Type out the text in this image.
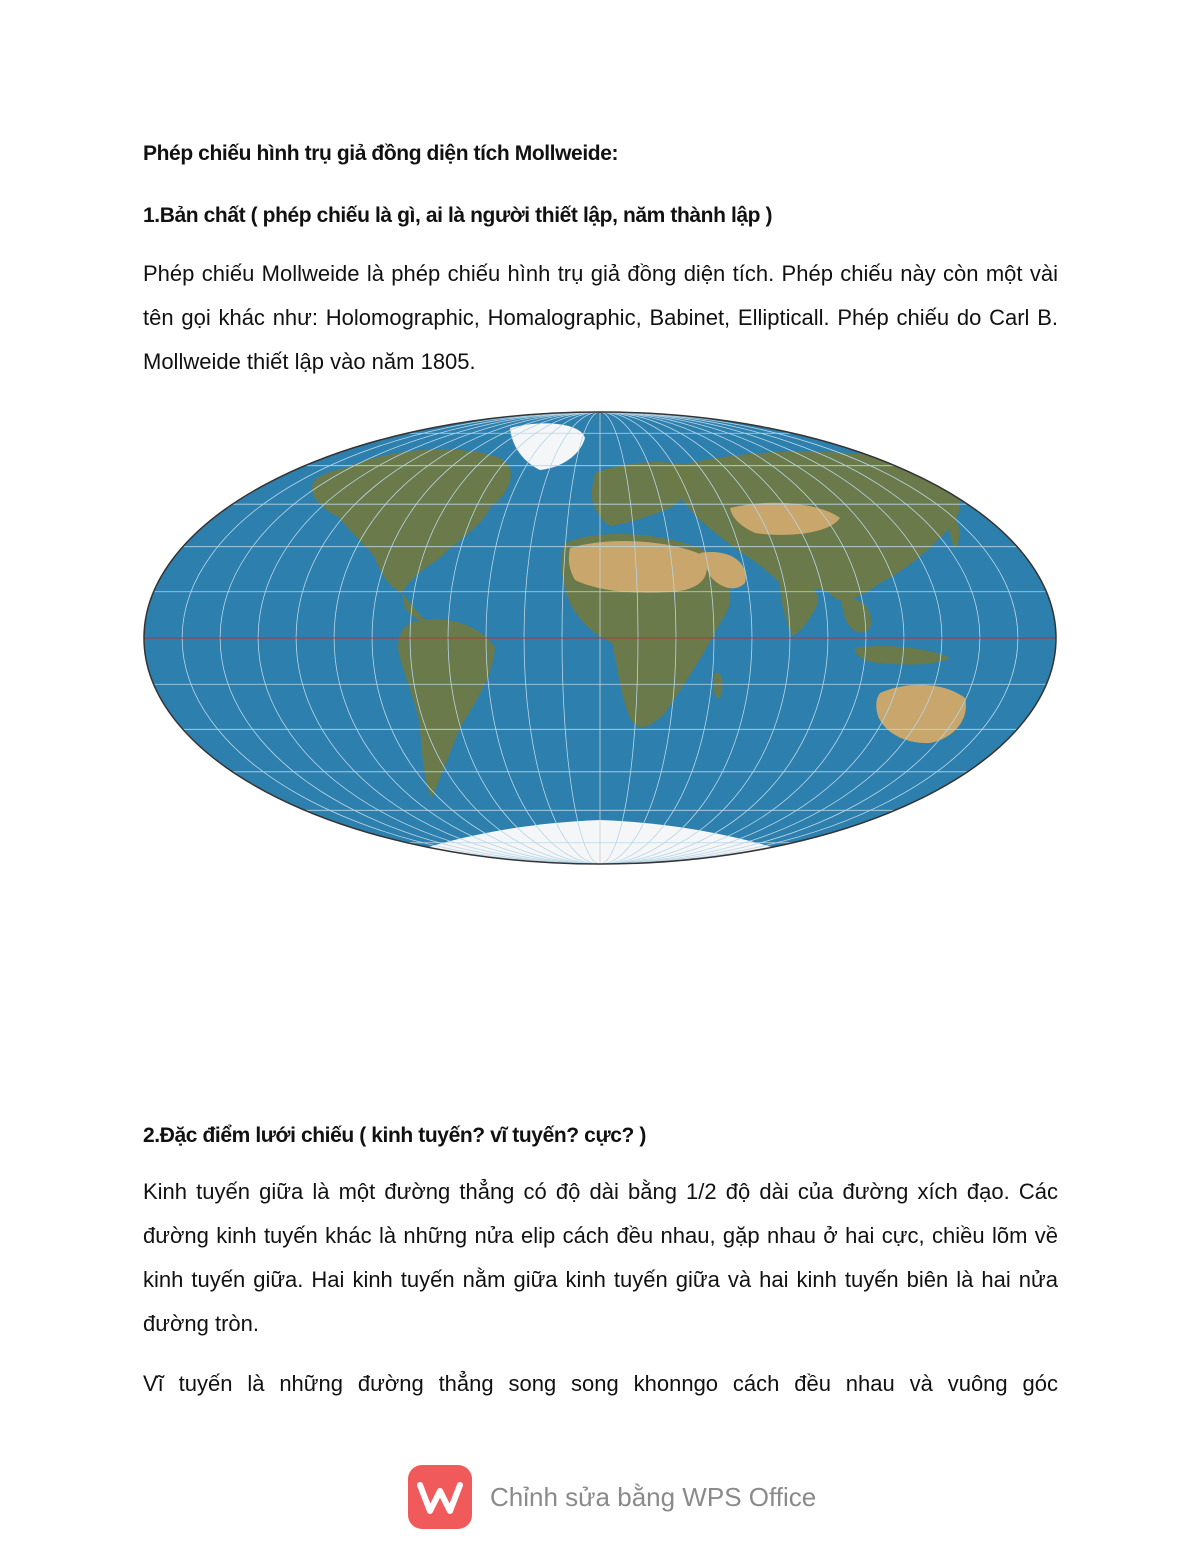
Phép chiếu hình trụ giả đồng diện tích Mollweide:

1.Bản chất ( phép chiếu là gì, ai là người thiết lập, năm thành lập )

Phép chiếu Mollweide là phép chiếu hình trụ giả đồng diện tích. Phép chiếu này còn một vài tên gọi khác như: Holomographic, Homalographic, Babinet, Ellipticall. Phép chiếu do Carl B. Mollweide thiết lập vào năm 1805.

2.Đặc điểm lưới chiếu ( kinh tuyến? vĩ tuyến? cực? )

Kinh tuyến giữa là một đường thẳng có độ dài bằng 1/2 độ dài của đường xích đạo. Các đường kinh tuyến khác là những nửa elip cách đều nhau, gặp nhau ở hai cực, chiều lõm về kinh tuyến giữa. Hai kinh tuyến nằm giữa kinh tuyến giữa và hai kinh tuyến biên là hai nửa đường tròn.

Vĩ tuyến là những đường thẳng song song khonngo cách đều nhau và vuông góc

Chỉnh sửa bằng WPS Office
